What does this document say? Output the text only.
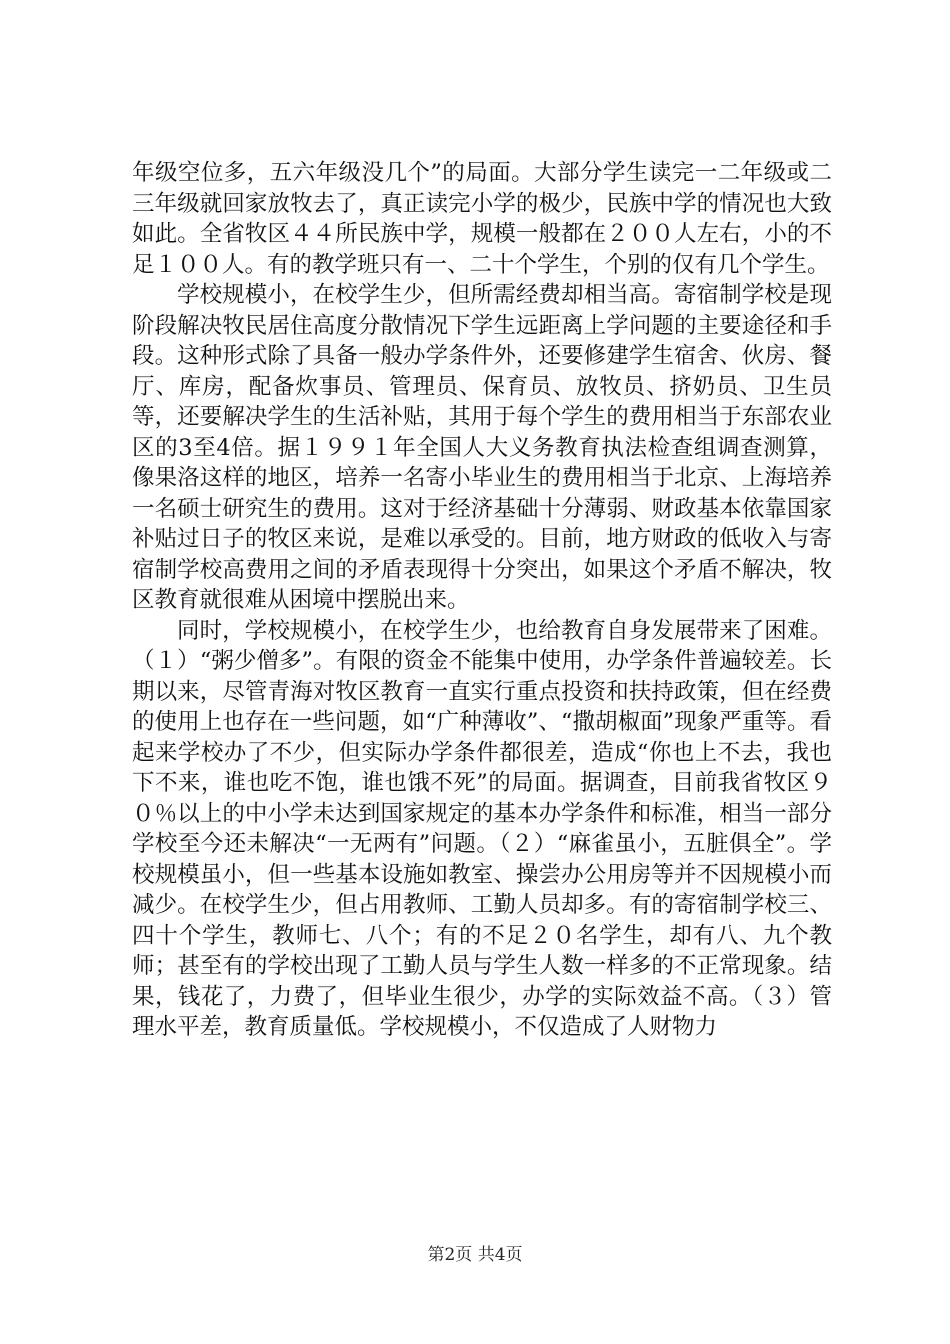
年级空位多，五六年级没几个”的局面。大部分学生读完一二年级或二三年级就回家放牧去了，真正读完小学的极少，民族中学的情况也大致如此。全省牧区４４所民族中学，规模一般都在２００人左右，小的不足１００人。有的教学班只有一、二十个学生，个别的仅有几个学生。

学校规模小，在校学生少，但所需经费却相当高。寄宿制学校是现阶段解决牧民居住高度分散情况下学生远距离上学问题的主要途径和手段。这种形式除了具备一般办学条件外，还要修建学生宿舍、伙房、餐厅、库房，配备炊事员、管理员、保育员、放牧员、挤奶员、卫生员等，还要解决学生的生活补贴，其用于每个学生的费用相当于东部农业区的3至4倍。据１９９１年全国人大义务教育执法检查组调查测算，像果洛这样的地区，培养一名寄小毕业生的费用相当于北京、上海培养一名硕士研究生的费用。这对于经济基础十分薄弱、财政基本依靠国家补贴过日子的牧区来说，是难以承受的。目前，地方财政的低收入与寄宿制学校高费用之间的矛盾表现得十分突出，如果这个矛盾不解决，牧区教育就很难从困境中摆脱出来。

同时，学校规模小，在校学生少，也给教育自身发展带来了困难。（１）“粥少僧多”。有限的资金不能集中使用，办学条件普遍较差。长期以来，尽管青海对牧区教育一直实行重点投资和扶持政策，但在经费的使用上也存在一些问题，如“广种薄收”、“撒胡椒面”现象严重等。看起来学校办了不少，但实际办学条件都很差，造成“你也上不去，我也下不来，谁也吃不饱，谁也饿不死”的局面。据调查，目前我省牧区９０％以上的中小学未达到国家规定的基本办学条件和标准，相当一部分学校至今还未解决“一无两有”问题。（２）“麻雀虽小，五脏俱全”。学校规模虽小，但一些基本设施如教室、操尝办公用房等并不因规模小而减少。在校学生少，但占用教师、工勤人员却多。有的寄宿制学校三、四十个学生，教师七、八个；有的不足２０名学生，却有八、九个教师；甚至有的学校出现了工勤人员与学生人数一样多的不正常现象。结果，钱花了，力费了，但毕业生很少，办学的实际效益不高。（３）管理水平差，教育质量低。学校规模小，不仅造成了人财物力

第2页 共4页
